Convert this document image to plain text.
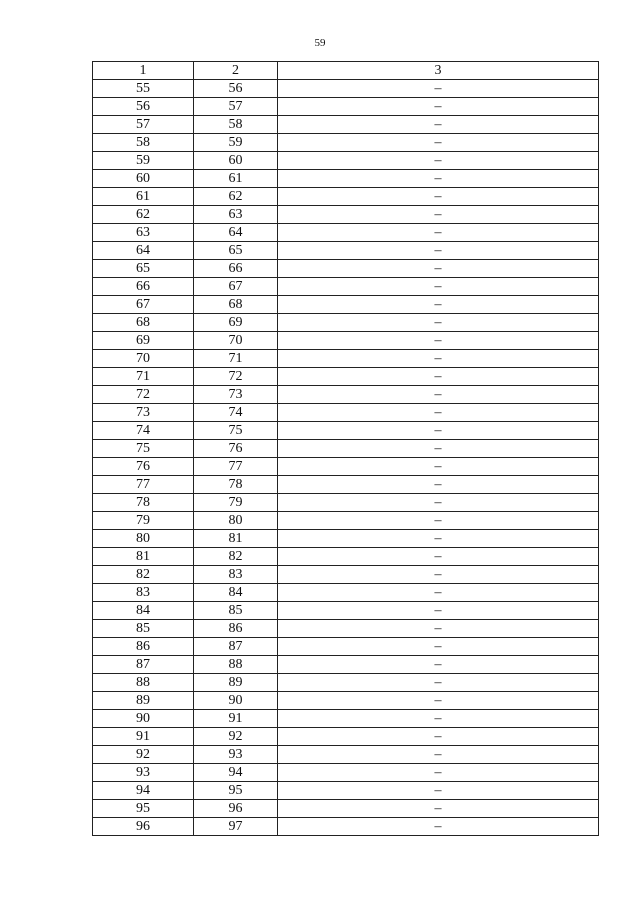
59
1	2	3
55	56	–
56	57	–
57	58	–
58	59	–
59	60	–
60	61	–
61	62	–
62	63	–
63	64	–
64	65	–
65	66	–
66	67	–
67	68	–
68	69	–
69	70	–
70	71	–
71	72	–
72	73	–
73	74	–
74	75	–
75	76	–
76	77	–
77	78	–
78	79	–
79	80	–
80	81	–
81	82	–
82	83	–
83	84	–
84	85	–
85	86	–
86	87	–
87	88	–
88	89	–
89	90	–
90	91	–
91	92	–
92	93	–
93	94	–
94	95	–
95	96	–
96	97	–
